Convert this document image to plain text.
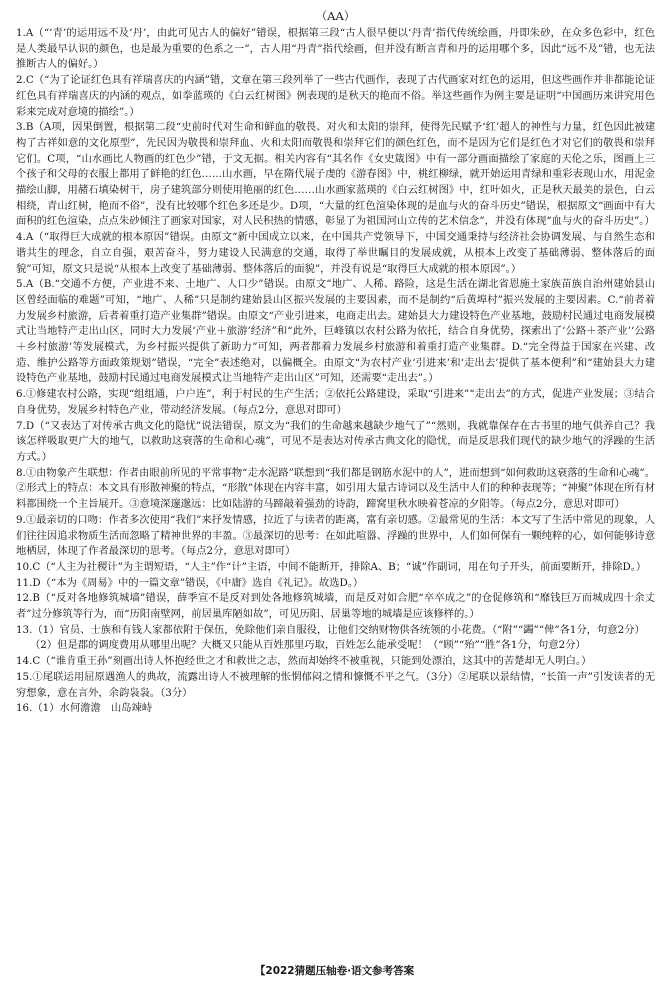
（AA）

1.A（“‘青’的运用远不及‘丹’，由此可见古人的偏好”错误，根据第三段“古人很早便以‘丹青’指代传统绘画，丹即朱砂，在众多色彩中，红色是人类最早认识的颜色，也是最为重要的色系之一”，古人用“丹青”指代绘画，但并没有断言青和丹的运用哪个多，因此“远不及”错，也无法推断古人的偏好。）

2.C（“为了论证红色具有祥瑞喜庆的内涵”错，文章在第三段列举了一些古代画作，表现了古代画家对红色的运用，但这些画作并非都能论证红色具有祥瑞喜庆的内涵的观点，如拳蓝瑛的《白云红树图》例表现的是秋天的艳而不俗。举这些画作为例主要是证明“中国画历来讲究用色彩来完成对意境的描绘”。）

3.B（A项，因果倒置，根据第二段“史前时代对生命和鲜血的敬畏、对火和太阳的崇拜，使得先民赋予‘红’超人的神性与力量，红色因此被建构了古祥如意的文化原型”，先民因为敬畏和崇拜血、火和太阳而敬畏和崇拜它们的颜色红色，而不是因为它们是红色才对它们的敬畏和崇拜它们。C项，“山水画比人物画的红色少”错，于文无据。相关内容有“其名作《女史箴图》中有一部分画面描绘了家庭的天伦之乐，图画上三个孩子和父母的衣服上都用了鲜艳的红色……山水画，早在隋代展子虔的《游春图》中，桃红柳绿，就开始运用青绿和重彩表现山水，用泥金描绘山脚，用赭石填染树干，房子建筑部分则使用艳丽的红色……山水画家蓝瑛的《白云红树图》中，红叶如火，正是秋天最美的景色，白云相绕，青山红树，艳而不俗”，没有比较哪个红色多还是少。D项，“大量的红色渲染体现的是血与火的奋斗历史”错误，根据原文“画面中有大面积的红色渲染，点点朱砂倾注了画家对国家，对人民积热的情感，彰显了为祖国河山立传的艺术信念”，并没有体现“血与火的奋斗历史”。）

4.A（“取得巨大成就的根本原因”错误。由原文“新中国成立以来，在中国共产党领导下，中国交通秉持与经济社会协调发展、与自然生态和谐共生的理念，自立自强，艰苦奋斗，努力建设人民满意的交通，取得了举世瞩目的发展成就，从根本上改变了基础薄弱、整体落后的面貌”可知，原文只是说“从根本上改变了基础薄弱、整体落后的面貌”，并没有说是“取得巨大成就的根本原因”。）

5.A（B.“交通不方便，产业进不来、土地广、人口少”错误。由原文“地广、人稀、路险，这是生活在湖北省恩施土家族苗族自治州建始县山区曾经面临的难题”可知，“地广、人稀”只是制约建始县山区振兴发展的主要因素，而不是制约“后黄埠村”振兴发展的主要因素。C.“前者着力发展乡村旅游，后者着重打造产业集群”错误。由原文“产业引进来，电商走出去。建始县大力建设特色产业基地，鼓励村民通过电商发展模式让当地特产走出山区，同时大力发展‘产业＋旅游’经济”和“此外，巨峰镇以农村公路为依托，结合自身优势，探索出了‘公路＋茶产业’‘公路＋乡村旅游’等发展模式，为乡村振兴提供了新助力”可知，两者都着力发展乡村旅游和着重打造产业集群。D.“完全得益于国家在兴建、改造、维护公路等方面政策规划”错误，“完全”表述绝对，以偏概全。由原文“为农村产业‘引进来’和‘走出去’提供了基本便利”和“建始县大力建设特色产业基地，鼓励村民通过电商发展模式让当地特产走出山区”可知，还需要“走出去”。）

6.①修建农村公路，实现“组组通，户户连”，利于村民的生产生活；②依托公路建设，采取“引进来”“走出去”的方式，促进产业发展；③结合自身优势，发展乡村特色产业，带动经济发展。（每点2分，意思对即可）

7.D（“又表达了对传承古典文化的隐忧”说法错误，原文为“我们的生命越来越缺少地气了”“然则，我就靠保存在古书里的地气供养自己？我该怎样吸取更广大的地气，以救助这衰落的生命和心魂”，可见不是表达对传承古典文化的隐忧，而是反思我们现代的缺少地气的浮躁的生活方式。）

8.①由物象产生联想：作者由眼前所见的平常事物“走水泥路”联想到“我们都是钢筋水泥中的人”，进而想到“如何救助这衰落的生命和心魂”。②形式上的特点：本文具有形散神聚的特点，“形散”体现在内容丰富，如引用大量古诗词以及生活中人们的种种表现等；“神聚”体现在所有材料都围绕一个主旨展开。③意境深邃邈远：比如陆游的马蹄敲着强劲的诗韵，蹄窝里秋水映着苍凉的夕阳等。（每点2分，意思对即可）

9.①最亲切的口吻：作者多次使用“我们”来抒发情感，拉近了与读者的距离，富有亲切感。②最常见的生活：本文写了生活中常见的现象，人们往往因追求物质生活而忽略了精神世界的丰盈。③最深切的思考：在如此喧嚣、浮躁的世界中，人们如何保有一颗纯粹的心，如何能够诗意地栖居，体现了作者最深切的思考。（每点2分，意思对即可）

10.C（“人主为社稷计”为主谓短语，“人主”作“计”主语，中间不能断开，排除A、B；“诚”作副词，用在句子开头，前面要断开，排除D。）

11.D（“本为《周易》中的一篇文章”错误，《中庸》选自《礼记》。故选D。）

12.B（“反对各地修筑城墙”错误，薛季宣不是反对到处各地修筑城墙，而是反对如合肥“卒卒成之”的仓促修筑和“靡钱巨万而城成四十余丈者”过分修筑等行为，而“历阳南壁网，前居巢库陋如故”，可见历阳、居巢等地的城墙是应该修样的。）

13.（1）官员、士族和有钱人家都依附于保伍，免除他们亲自服役，让他们交纳财物供各统领的小花费。（“附”“蠲”“俾”各1分，句意2分）

（2）但是郡的调度费用从哪里出呢？大概又只能从百姓那里巧取，百姓怎么能承受呢！（“顾”“殆”“胜”各1分，句意2分）

14.C（“谁肯重王孙”刻画出诗人怀抱经世之才和救世之志，然而却始终不被重视，只能到处漂泊，这其中的苦楚却无人明白。）

15.①尾联运用屈原遇渔人的典故，流露出诗人不被理解的怅惘郁闷之情和慷慨不平之气。（3分）②尾联以景结情，“长笛一声”引发读者的无穷想象，意在言外，余韵袅袅。（3分）

16.（1）水何澹澹　山岛竦峙

【2022猜题压轴卷·语文参考答案
